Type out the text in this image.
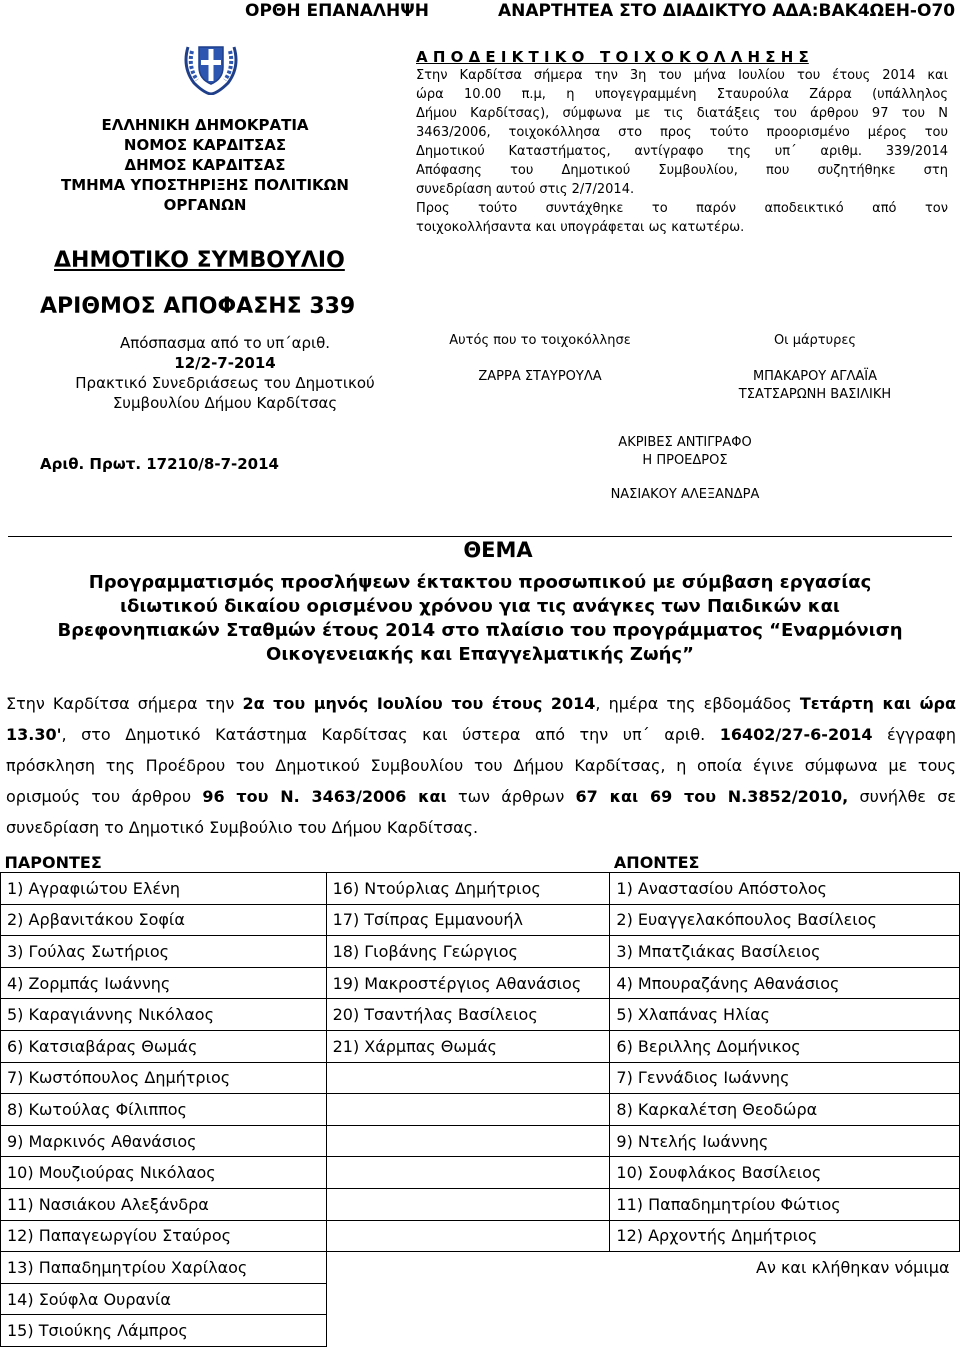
ΟΡΘΗ ΕΠΑΝΑΛΗΨΗ	ΑΝΑΡΤΗΤΕΑ ΣΤΟ ΔΙΑΔΙΚΤΥΟ ΑΔΑ:ΒΑΚ4ΩΕΗ-Ο70
ΕΛΛΗΝΙΚΗ ΔΗΜΟΚΡΑΤΙΑ
ΝΟΜΟΣ ΚΑΡΔΙΤΣΑΣ
ΔΗΜΟΣ ΚΑΡΔΙΤΣΑΣ
ΤΜΗΜΑ ΥΠΟΣΤΗΡΙΞΗΣ ΠΟΛΙΤΙΚΩΝ
ΟΡΓΑΝΩΝ
ΔΗΜΟΤΙΚΟ ΣΥΜΒΟΥΛΙΟ
ΑΡΙΘΜΟΣ ΑΠΟΦΑΣΗΣ 339
Απόσπασμα από το υπ΄αριθ.
12/2-7-2014
Πρακτικό Συνεδριάσεως του Δημοτικού
Συμβουλίου Δήμου Καρδίτσας
Αριθ. Πρωτ. 17210/8-7-2014
Α Π Ο Δ Ε Ι Κ Τ Ι Κ Ο   Τ Ο Ι Χ Ο Κ Ο Λ Λ Η Σ Η Σ
Στην Καρδίτσα σήμερα την 3η του μήνα Ιουλίου του έτους 2014 και
ώρα 10.00 π.μ, η υπογεγραμμένη Σταυρούλα Ζάρρα (υπάλληλος
Δήμου Καρδίτσας), σύμφωνα με τις διατάξεις του άρθρου 97 του Ν
3463/2006, τοιχοκόλλησα στο προς τούτο προορισμένο μέρος του
Δημοτικού Καταστήματος, αντίγραφο της υπ΄ αριθμ. 339/2014
Απόφασης του Δημοτικού Συμβουλίου, που συζητήθηκε στη
συνεδρίαση αυτού στις 2/7/2014.
Προς τούτο συντάχθηκε το παρόν αποδεικτικό από τον
τοιχοκολλήσαντα και υπογράφεται ως κατωτέρω.
Αυτός που το τοιχοκόλλησε
ΖΑΡΡΑ ΣΤΑΥΡΟΥΛΑ
Οι μάρτυρες
ΜΠΑΚΑΡΟΥ ΑΓΛΑΪΑ
ΤΣΑΤΣΑΡΩΝΗ ΒΑΣΙΛΙΚΗ
ΑΚΡΙΒΕΣ ΑΝΤΙΓΡΑΦΟ
Η ΠΡΟΕΔΡΟΣ
ΝΑΣΙΑΚΟΥ ΑΛΕΞΑΝΔΡΑ
ΘΕΜΑ
Προγραμματισμός προσλήψεων έκτακτου προσωπικού με σύμβαση εργασίας
ιδιωτικού δικαίου ορισμένου χρόνου για τις ανάγκες των Παιδικών και
Βρεφονηπιακών Σταθμών έτους 2014 στο πλαίσιο του προγράμματος “Εναρμόνιση
Οικογενειακής και Επαγγελματικής Ζωής”
Στην Καρδίτσα σήμερα την 2α του μηνός Ιουλίου του έτους 2014, ημέρα της εβδομάδος Τετάρτη και ώρα
13.30', στο Δημοτικό Κατάστημα Καρδίτσας και ύστερα από την υπ΄ αριθ. 16402/27-6-2014 έγγραφη
πρόσκληση της Προέδρου του Δημοτικού Συμβουλίου του Δήμου Καρδίτσας, η οποία έγινε σύμφωνα με τους
ορισμούς του άρθρου 96 του Ν. 3463/2006 και των άρθρων 67 και 69 του Ν.3852/2010, συνήλθε σε
συνεδρίαση το Δημοτικό Συμβούλιο του Δήμου Καρδίτσας.
ΠΑΡΟΝΤΕΣ		ΑΠΟΝΤΕΣ
1) Αγραφιώτου Ελένη	16) Ντούρλιας Δημήτριος	1) Αναστασίου Απόστολος
2) Αρβανιτάκου Σοφία	17) Τσίπρας Εμμανουήλ	2) Ευαγγελακόπουλος Βασίλειος
3) Γούλας Σωτήριος	18) Γιοβάνης Γεώργιος	3) Μπατζιάκας Βασίλειος
4) Ζορμπάς Ιωάννης	19) Μακροστέργιος Αθανάσιος	4) Μπουραζάνης Αθανάσιος
5) Καραγιάννης Νικόλαος	20) Τσαντήλας Βασίλειος	5) Χλαπάνας Ηλίας
6) Κατσιαβάρας Θωμάς	21) Χάρμπας Θωμάς	6) Βεριλλης Δομήνικος
7) Κωστόπουλος Δημήτριος		7) Γεννάδιος Ιωάννης
8) Κωτούλας Φίλιππος		8) Καρκαλέτση Θεοδώρα
9) Μαρκινός Αθανάσιος		9) Ντελής Ιωάννης
10) Μουζιούρας Νικόλαος		10) Σουφλάκος Βασίλειος
11) Νασιάκου Αλεξάνδρα		11) Παπαδημητρίου Φώτιος
12) Παπαγεωργίου Σταύρος		12) Αρχοντής Δημήτριος
13) Παπαδημητρίου Χαρίλαος		Αν και κλήθηκαν νόμιμα
14) Σούφλα Ουρανία		
15) Τσιούκης Λάμπρος		
